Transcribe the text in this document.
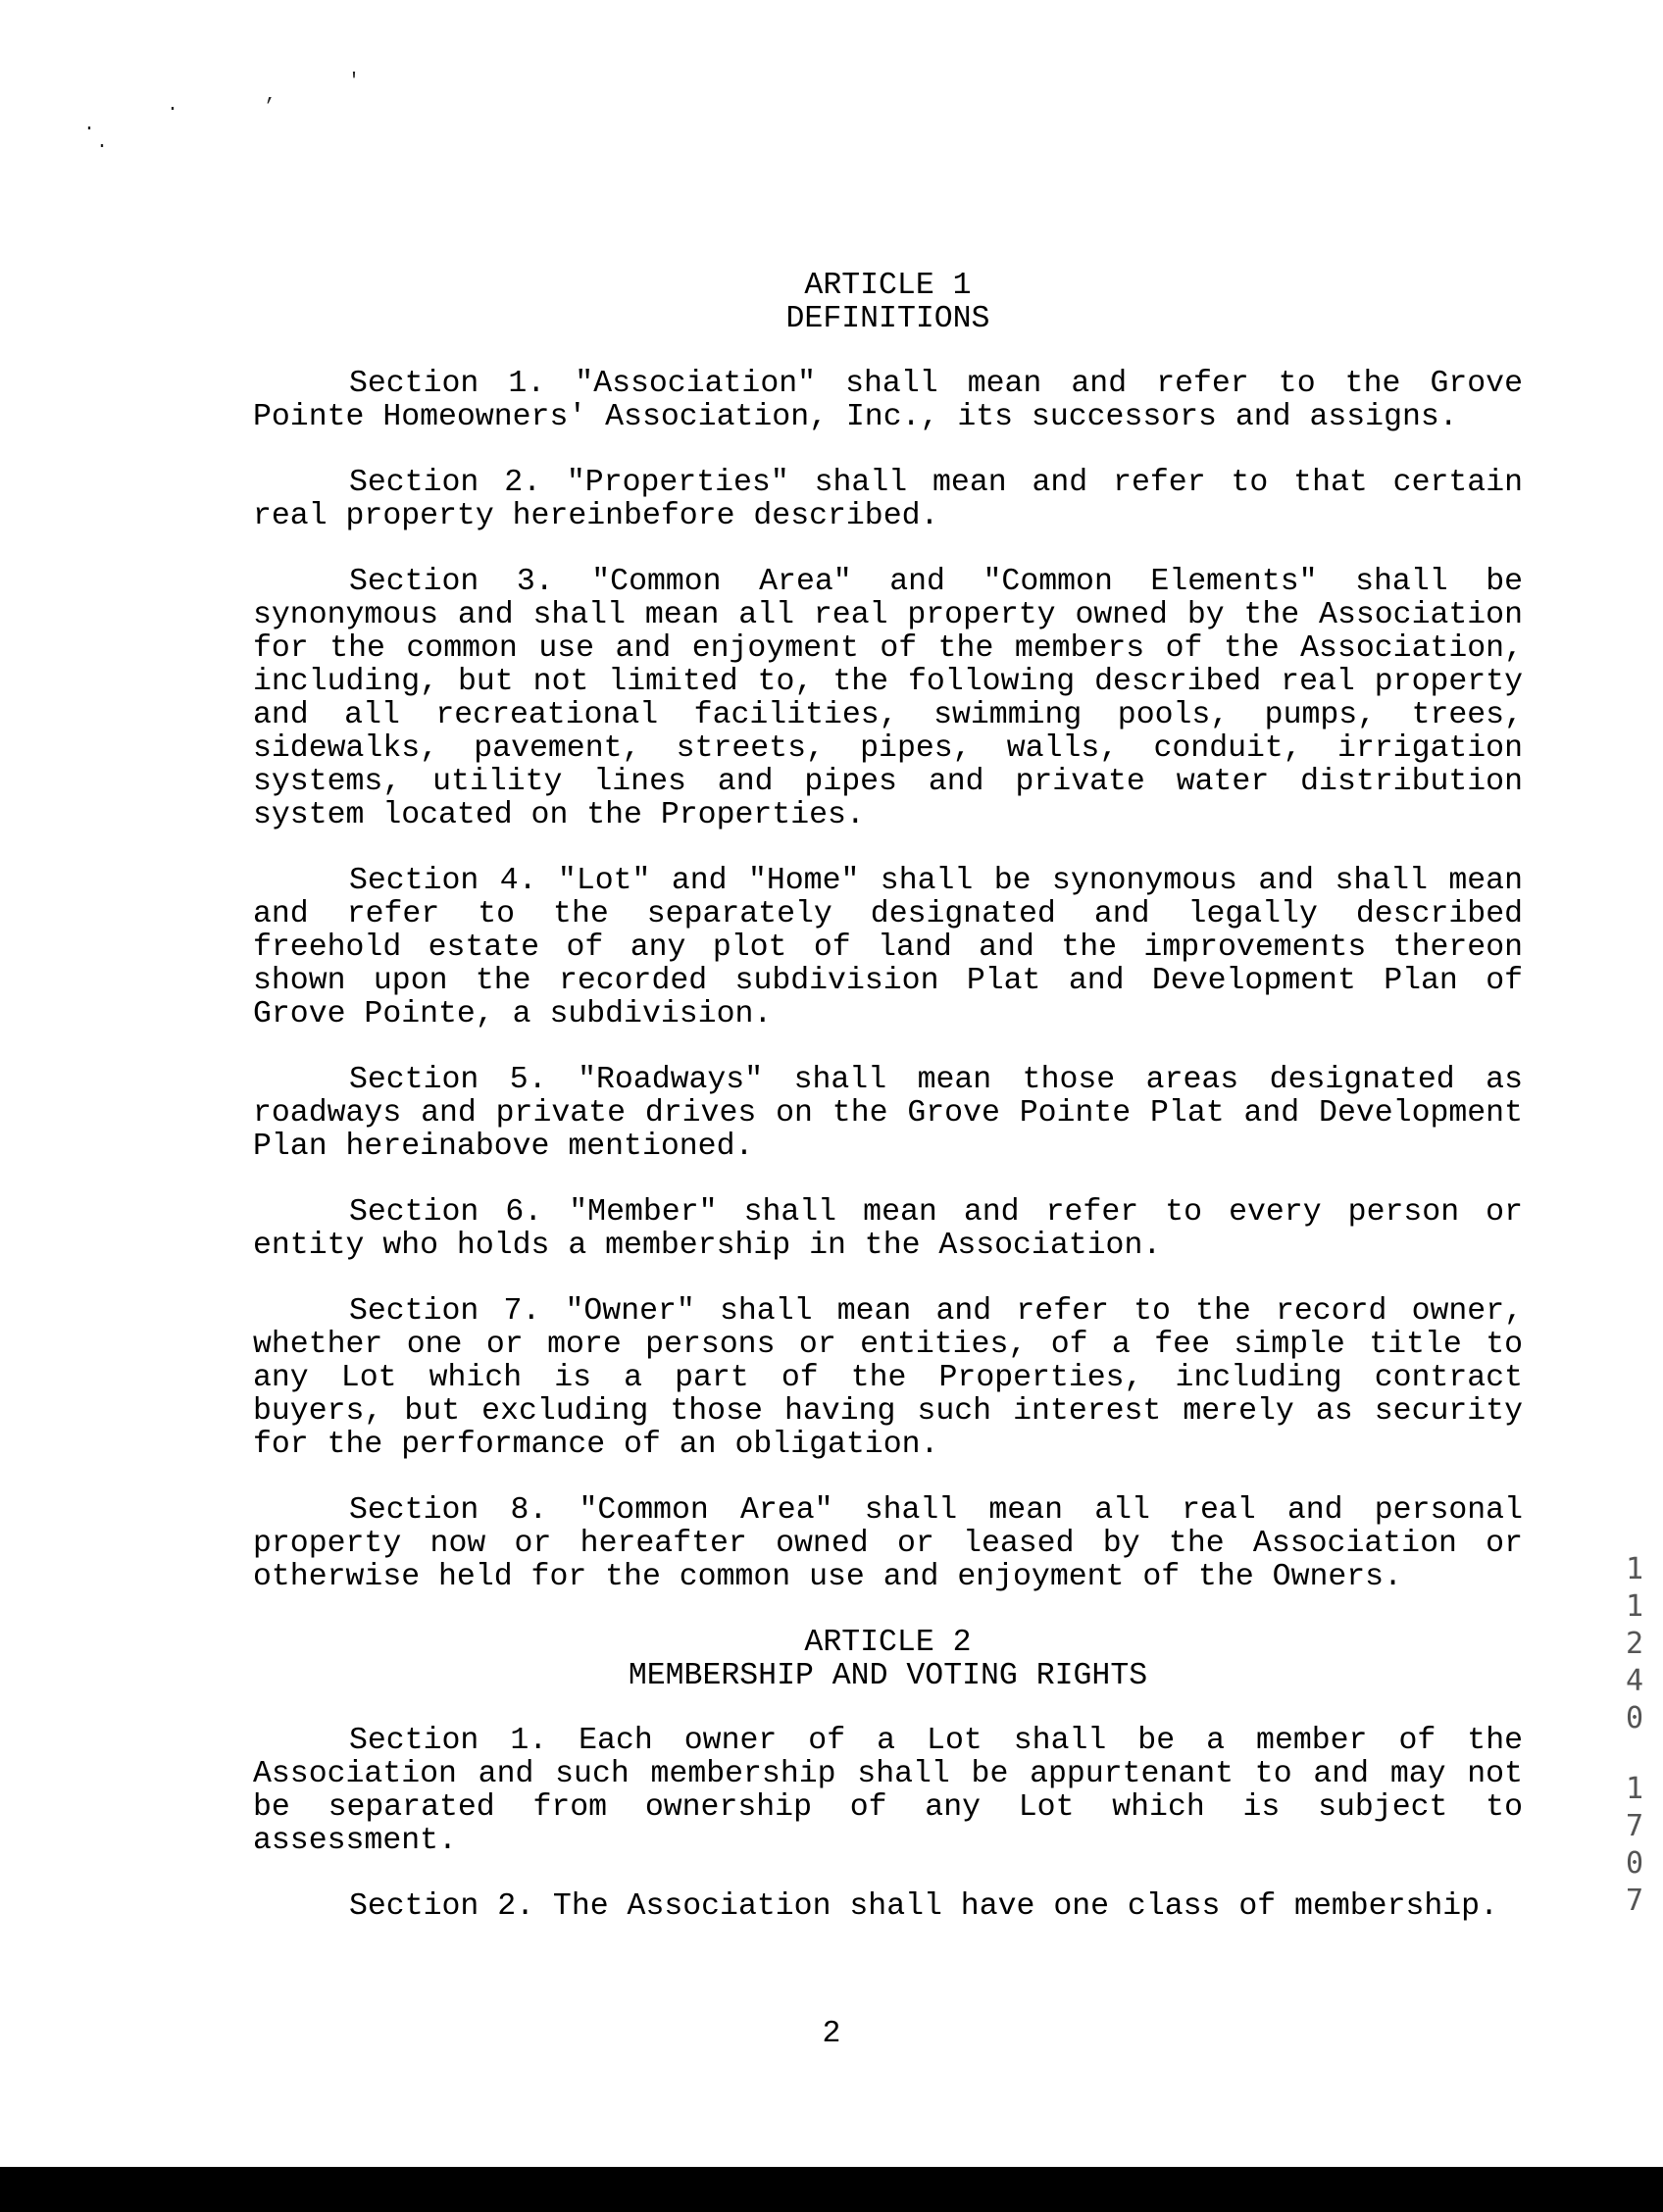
'
,
.
.
.

ARTICLE 1

DEFINITIONS

Section 1. "Association" shall mean and refer to the Grove Pointe Homeowners' Association, Inc., its successors and assigns.

Section 2. "Properties" shall mean and refer to that certain real property hereinbefore described.

Section 3. "Common Area" and "Common Elements" shall be synonymous and shall mean all real property owned by the Association for the common use and enjoyment of the members of the Association, including, but not limited to, the following described real property and all recreational facilities, swimming pools, pumps, trees, sidewalks, pavement, streets, pipes, walls, conduit, irrigation systems, utility lines and pipes and private water distribution system located on the Properties.

Section 4. "Lot" and "Home" shall be synonymous and shall mean and refer to the separately designated and legally described freehold estate of any plot of land and the improvements thereon shown upon the recorded subdivision Plat and Development Plan of Grove Pointe, a subdivision.

Section 5. "Roadways" shall mean those areas designated as roadways and private drives on the Grove Pointe Plat and Development Plan hereinabove mentioned.

Section 6. "Member" shall mean and refer to every person or entity who holds a membership in the Association.

Section 7. "Owner" shall mean and refer to the record owner, whether one or more persons or entities, of a fee simple title to any Lot which is a part of the Properties, including contract buyers, but excluding those having such interest merely as security for the performance of an obligation.

Section 8. "Common Area" shall mean all real and personal property now or hereafter owned or leased by the Association or otherwise held for the common use and enjoyment of the Owners.

ARTICLE 2

MEMBERSHIP AND VOTING RIGHTS

Section 1. Each owner of a Lot shall be a member of the Association and such membership shall be appurtenant to and may not be separated from ownership of any Lot which is subject to assessment.

Section 2. The Association shall have one class of membership.

2
1
1
2
4
0
1
7
0
7
